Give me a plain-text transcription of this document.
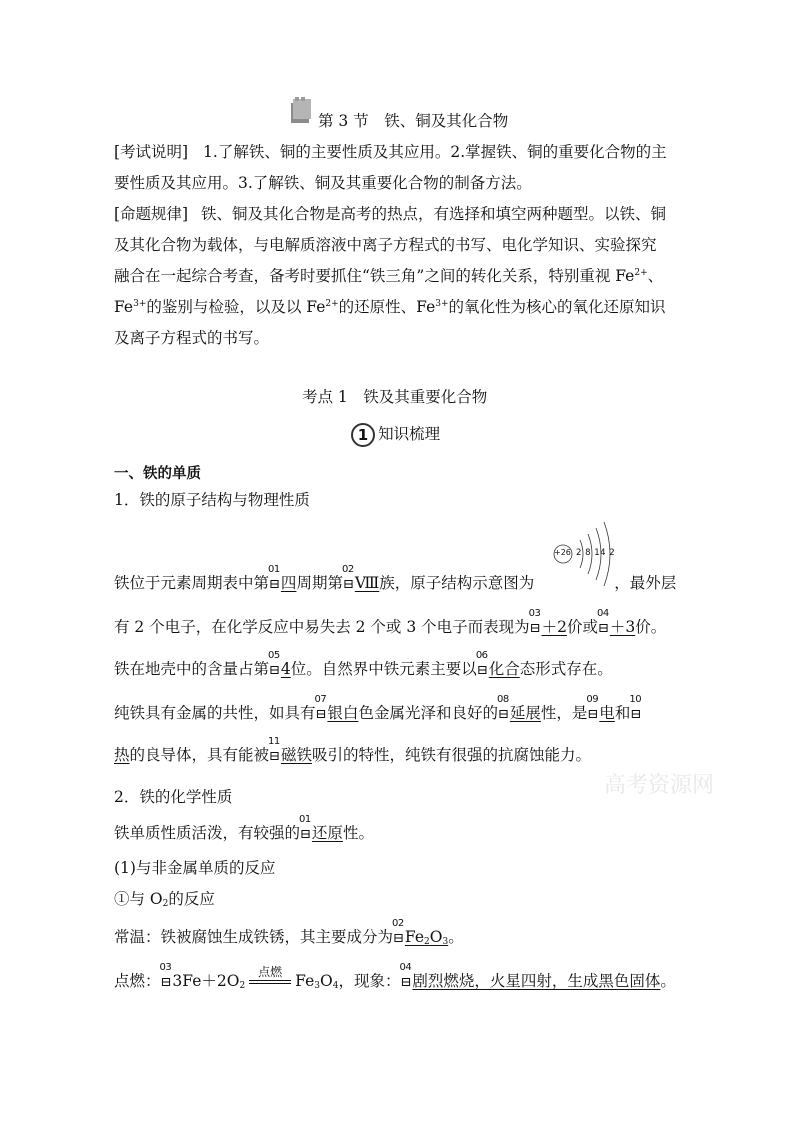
第 3 节　铁、铜及其化合物
[考试说明] 1.了解铁、铜的主要性质及其应用。2.掌握铁、铜的重要化合物的主
要性质及其应用。3.了解铁、铜及其重要化合物的制备方法。
[命题规律] 铁、铜及其化合物是高考的热点，有选择和填空两种题型。以铁、铜
及其化合物为载体，与电解质溶液中离子方程式的书写、电化学知识、实验探究
融合在一起综合考查，备考时要抓住“铁三角”之间的转化关系，特别重视 $Fe^{2+}$、
$Fe^{3+}$的鉴别与检验，以及以 $Fe^{2+}$的还原性、$Fe^{3+}$的氧化性为核心的氧化还原知识
及离子方程式的书写。
考点 1　铁及其重要化合物
1 知识梳理
一、铁的单质
1．铁的原子结构与物理性质
+26 2 8 14 2
铁位于元素周期表中第
01
⊟四周期第
02
⊟Ⅷ族，原子结构示意图为	，最外层
有 2 个电子，在化学反应中易失去 2 个或 3 个电子而表现为
03
⊟＋2价或
04
⊟＋3价。
铁在地壳中的含量占第
05
⊟4位。自然界中铁元素主要以
06
⊟化合态形式存在。
纯铁具有金属的共性，如具有
07
⊟银白色金属光泽和良好的
08
⊟延展性，是
09
⊟电和
10
⊟
热的良导体，具有能被
11
⊟磁铁吸引的特性，纯铁有很强的抗腐蚀能力。
高考资源网
2．铁的化学性质
铁单质性质活泼，有较强的
01
⊟还原性。
(1)与非金属单质的反应
①与 $O_2$的反应
常温：铁被腐蚀生成铁锈，其主要成分为
02
$⊟Fe_2O_3$。
点燃：
03
$⊟3Fe+2O_2$
点燃 $Fe_3O_4$，现象：
04
⊟剧烈燃烧，火星四射，生成黑色固体。
